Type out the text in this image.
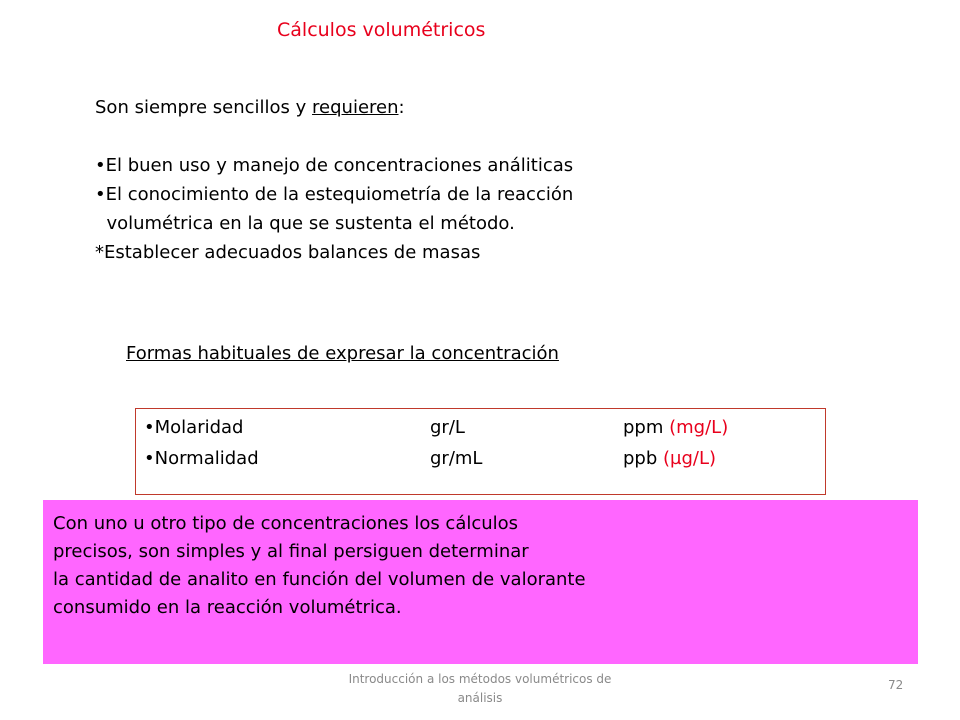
Cálculos volumétricos
Son siempre sencillos y requieren:
•El buen uso y manejo de concentraciones análiticas
•El conocimiento de la estequiometría de la reacción
volumétrica en la que se sustenta el método.
*Establecer adecuados balances de masas
Formas habituales de expresar la concentración
•Molaridad	gr/L	ppm (mg/L)
•Normalidad	gr/mL	ppb (µg/L)
Con uno u otro tipo de concentraciones los cálculos
precisos, son simples y al final persiguen determinar
la cantidad de analito en función del volumen de valorante
consumido en la reacción volumétrica.
Introducción a los métodos volumétricos de análisis
72
